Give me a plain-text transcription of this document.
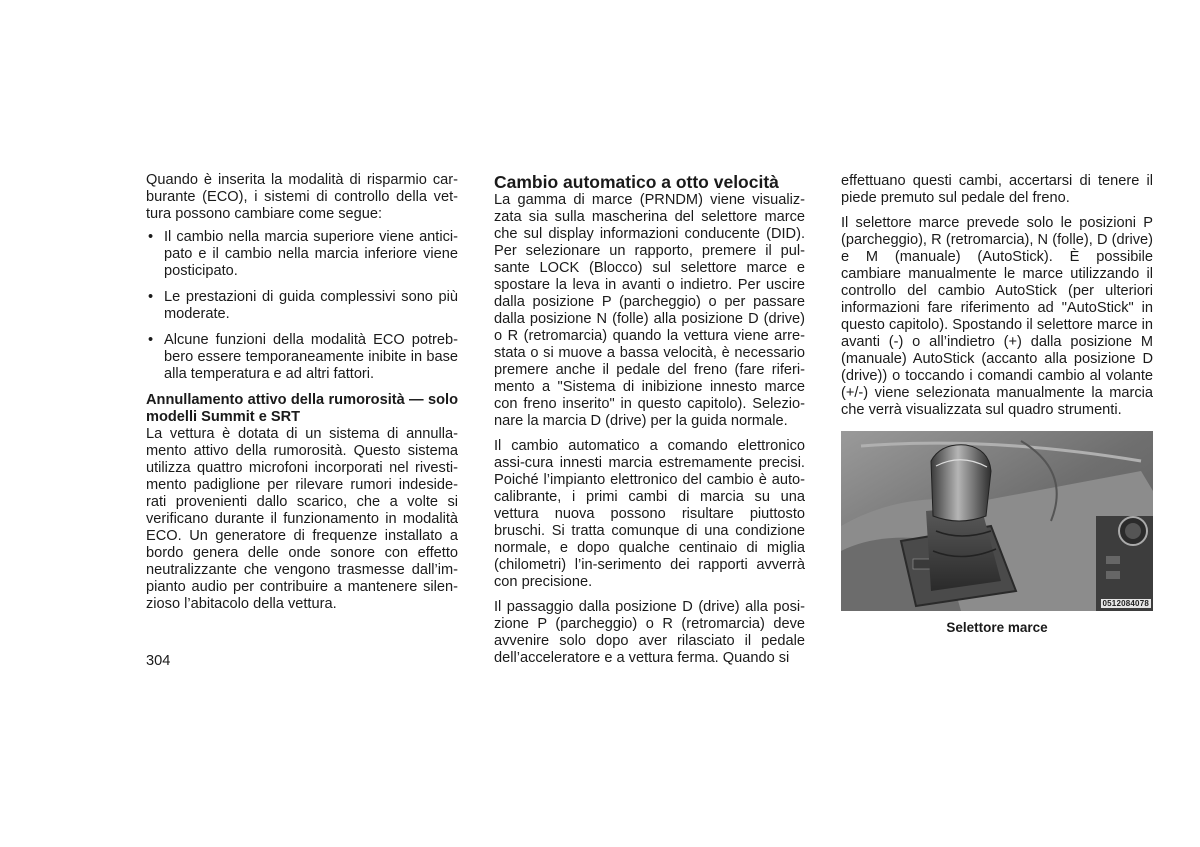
Quando è inserita la modalità di risparmio car-burante (ECO), i sistemi di controllo della vet-tura possono cambiare come segue:

• Il cambio nella marcia superiore viene antici-pato e il cambio nella marcia inferiore viene posticipato.
• Le prestazioni di guida complessivi sono più moderate.
• Alcune funzioni della modalità ECO potreb-bero essere temporaneamente inibite in base alla temperatura e ad altri fattori.

Annullamento attivo della rumorosità — solo modelli Summit e SRT

La vettura è dotata di un sistema di annulla-mento attivo della rumorosità. Questo sistema utilizza quattro microfoni incorporati nel rivesti-mento padiglione per rilevare rumori indeside-rati provenienti dallo scarico, che a volte si verificano durante il funzionamento in modalità ECO. Un generatore di frequenze installato a bordo genera delle onde sonore con effetto neutralizzante che vengono trasmesse dall’im-pianto audio per contribuire a mantenere silen-zioso l’abitacolo della vettura.

Cambio automatico a otto velocità

La gamma di marce (PRNDM) viene visualiz-zata sia sulla mascherina del selettore marce che sul display informazioni conducente (DID). Per selezionare un rapporto, premere il pul-sante LOCK (Blocco) sul selettore marce e spostare la leva in avanti o indietro. Per uscire dalla posizione P (parcheggio) o per passare dalla posizione N (folle) alla posizione D (drive) o R (retromarcia) quando la vettura viene arre-stata o si muove a bassa velocità, è necessario premere anche il pedale del freno (fare riferi-mento a "Sistema di inibizione innesto marce con freno inserito" in questo capitolo). Selezio-nare la marcia D (drive) per la guida normale.

Il cambio automatico a comando elettronico assi-cura innesti marcia estremamente precisi. Poiché l’impianto elettronico del cambio è auto-calibrante, i primi cambi di marcia su una vettura nuova possono risultare piuttosto bruschi. Si tratta comunque di una condizione normale, e dopo qualche centinaio di miglia (chilometri) l’in-serimento dei rapporti avverrà con precisione.

Il passaggio dalla posizione D (drive) alla posi-zione P (parcheggio) o R (retromarcia) deve avvenire solo dopo aver rilasciato il pedale dell’acceleratore e a vettura ferma. Quando si

effettuano questi cambi, accertarsi di tenere il piede premuto sul pedale del freno.

Il selettore marce prevede solo le posizioni P (parcheggio), R (retromarcia), N (folle), D (drive) e M (manuale) (AutoStick). È possibile cambiare manualmente le marce utilizzando il controllo del cambio AutoStick (per ulteriori informazioni fare riferimento ad "AutoStick" in questo capitolo). Spostando il selettore marce in avanti (-) o all’indietro (+) dalla posizione M (manuale) AutoStick (accanto alla posizione D (drive)) o toccando i comandi cambio al volante (+/-) viene selezionata manualmente la marcia che verrà visualizzata sul quadro strumenti.

0512084078
Selettore marce
304
